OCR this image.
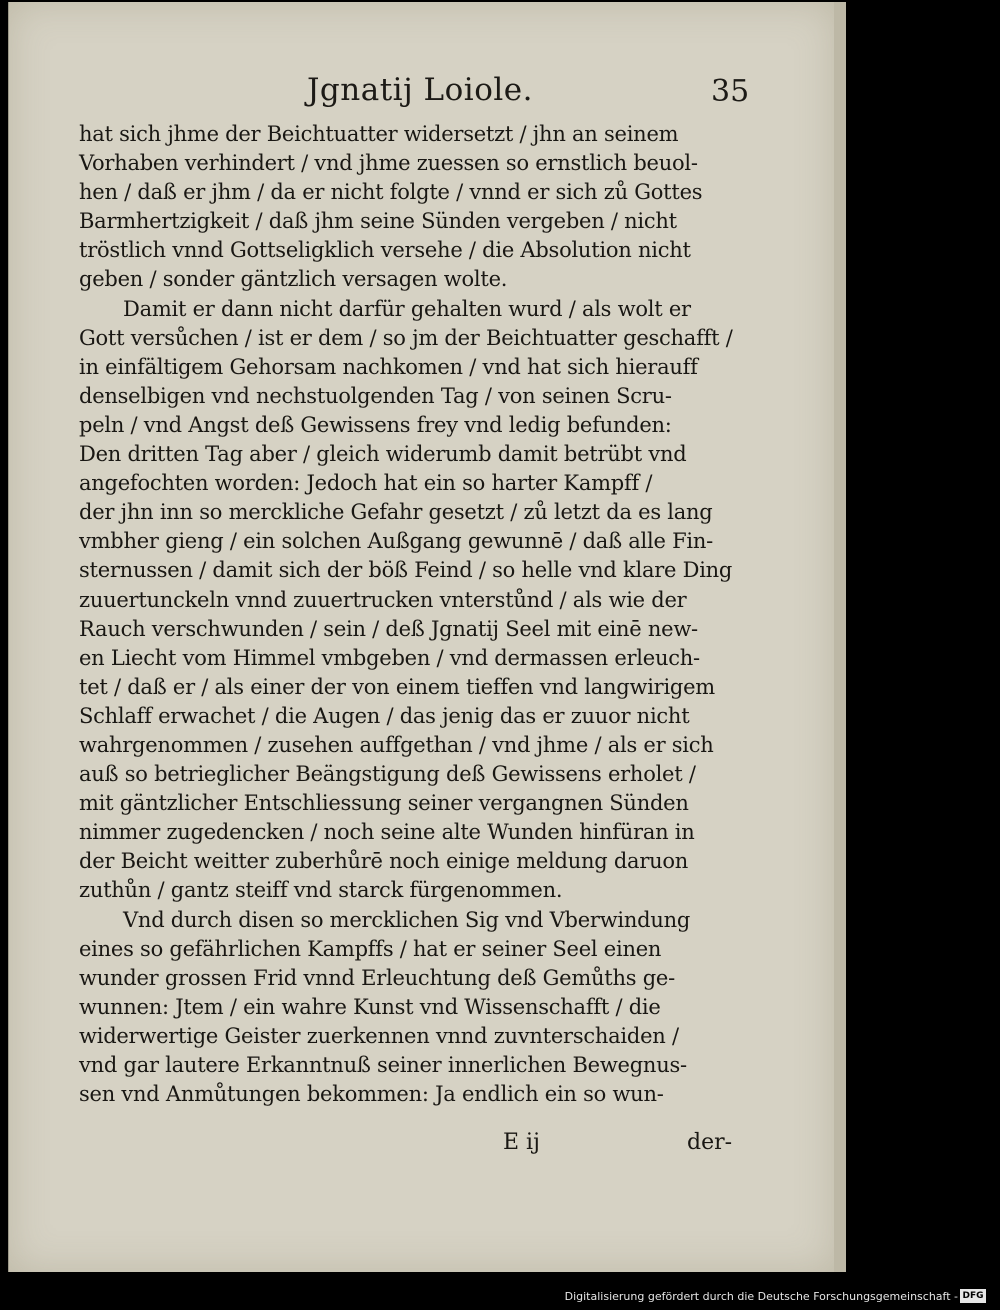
Jgnatij Loiole.	35
hat sich jhme der Beichtuatter widersetzt / jhn an seinem
Vorhaben verhindert / vnd jhme zuessen so ernstlich beuol-
hen / daß er jhm / da er nicht folgte / vnnd er sich zů Gottes
Barmhertzigkeit / daß jhm seine Sünden vergeben / nicht
tröstlich vnnd Gottseligklich versehe / die Absolution nicht
geben / sonder gäntzlich versagen wolte.
Damit er dann nicht darfür gehalten wurd / als wolt er
Gott versůchen / ist er dem / so jm der Beichtuatter geschafft /
in einfältigem Gehorsam nachkomen / vnd hat sich hierauff
denselbigen vnd nechstuolgenden Tag / von seinen Scru-
peln / vnd Angst deß Gewissens frey vnd ledig befunden:
Den dritten Tag aber / gleich widerumb damit betrübt vnd
angefochten worden: Jedoch hat ein so harter Kampff /
der jhn inn so merckliche Gefahr gesetzt / zů letzt da es lang
vmbher gieng / ein solchen Außgang gewunnē / daß alle Fin-
sternussen / damit sich der böß Feind / so helle vnd klare Ding
zuuertunckeln vnnd zuuertrucken vnterstůnd / als wie der
Rauch verschwunden / sein / deß Jgnatij Seel mit einē new-
en Liecht vom Himmel vmbgeben / vnd dermassen erleuch-
tet / daß er / als einer der von einem tieffen vnd langwirigem
Schlaff erwachet / die Augen / das jenig das er zuuor nicht
wahrgenommen / zusehen auffgethan / vnd jhme / als er sich
auß so betrieglicher Beängstigung deß Gewissens erholet /
mit gäntzlicher Entschliessung seiner vergangnen Sünden
nimmer zugedencken / noch seine alte Wunden hinfüran in
der Beicht weitter zuberhůrē noch einige meldung daruon
zuthůn / gantz steiff vnd starck fürgenommen.
Vnd durch disen so mercklichen Sig vnd Vberwindung
eines so gefährlichen Kampffs / hat er seiner Seel einen
wunder grossen Frid vnnd Erleuchtung deß Gemůths ge-
wunnen: Jtem / ein wahre Kunst vnd Wissenschafft / die
widerwertige Geister zuerkennen vnnd zuvnterschaiden /
vnd gar lautere Erkanntnuß seiner innerlichen Bewegnus-
sen vnd Anmůtungen bekommen: Ja endlich ein so wun-
E ij	der-
Digitalisierung gefördert durch die Deutsche Forschungsgemeinschaft - DFG
